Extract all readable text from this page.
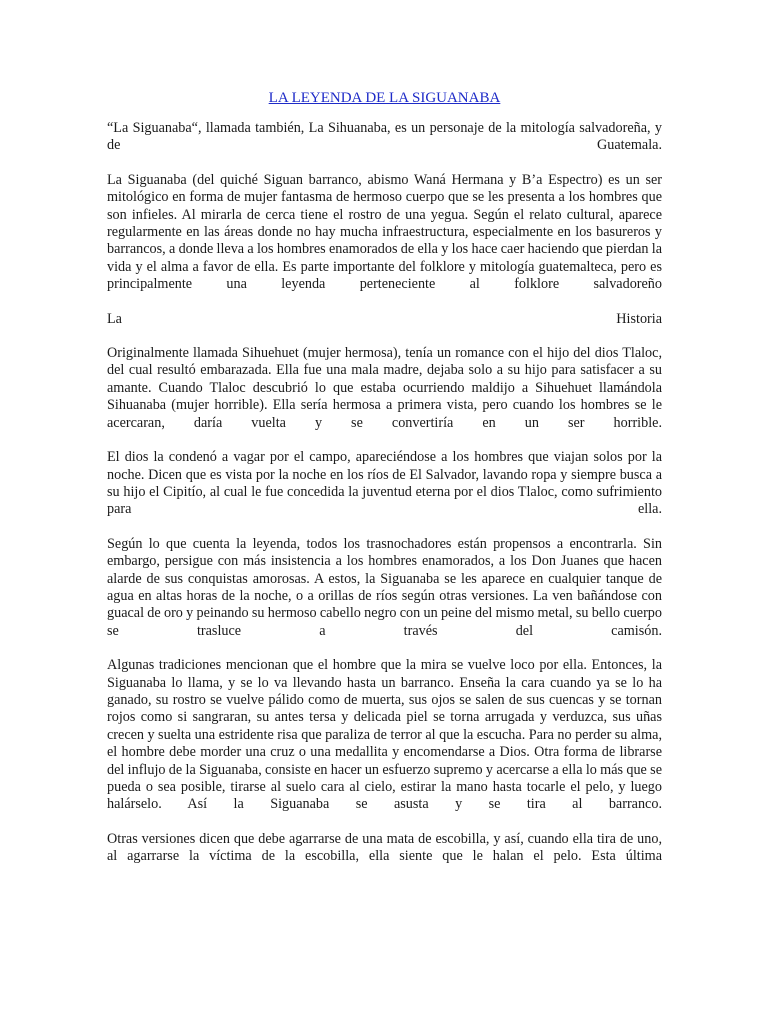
LA LEYENDA DE LA SIGUANABA

“La Siguanaba“, llamada también, La Sihuanaba, es un personaje de la mitología salvadoreña, y de Guatemala.

La Siguanaba (del quiché Siguan barranco, abismo Waná Hermana y B’a Espectro) es un ser mitológico en forma de mujer fantasma de hermoso cuerpo que se les presenta a los hombres que son infieles. Al mirarla de cerca tiene el rostro de una yegua. Según el relato cultural, aparece regularmente en las áreas donde no hay mucha infraestructura, especialmente en los basureros y barrancos, a donde lleva a los hombres enamorados de ella y los hace caer haciendo que pierdan la vida y el alma a favor de ella. Es parte importante del folklore y mitología guatemalteca, pero es principalmente una leyenda perteneciente al folklore salvadoreño

La Historia

Originalmente llamada Sihuehuet (mujer hermosa), tenía un romance con el hijo del dios Tlaloc, del cual resultó embarazada. Ella fue una mala madre, dejaba solo a su hijo para satisfacer a su amante. Cuando Tlaloc descubrió lo que estaba ocurriendo maldijo a Sihuehuet llamándola Sihuanaba (mujer horrible). Ella sería hermosa a primera vista, pero cuando los hombres se le acercaran, daría vuelta y se convertiría en un ser horrible.

El dios la condenó a vagar por el campo, apareciéndose a los hombres que viajan solos por la noche. Dicen que es vista por la noche en los ríos de El Salvador, lavando ropa y siempre busca a su hijo el Cipitío, al cual le fue concedida la juventud eterna por el dios Tlaloc, como sufrimiento para ella.

Según lo que cuenta la leyenda, todos los trasnochadores están propensos a encontrarla. Sin embargo, persigue con más insistencia a los hombres enamorados, a los Don Juanes que hacen alarde de sus conquistas amorosas. A estos, la Siguanaba se les aparece en cualquier tanque de agua en altas horas de la noche, o a orillas de ríos según otras versiones. La ven bañándose con guacal de oro y peinando su hermoso cabello negro con un peine del mismo metal, su bello cuerpo se trasluce a través del camisón.

Algunas tradiciones mencionan que el hombre que la mira se vuelve loco por ella. Entonces, la Siguanaba lo llama, y se lo va llevando hasta un barranco. Enseña la cara cuando ya se lo ha ganado, su rostro se vuelve pálido como de muerta, sus ojos se salen de sus cuencas y se tornan rojos como si sangraran, su antes tersa y delicada piel se torna arrugada y verduzca, sus uñas crecen y suelta una estridente risa que paraliza de terror al que la escucha. Para no perder su alma, el hombre debe morder una cruz o una medallita y encomendarse a Dios. Otra forma de librarse del influjo de la Siguanaba, consiste en hacer un esfuerzo supremo y acercarse a ella lo más que se pueda o sea posible, tirarse al suelo cara al cielo, estirar la mano hasta tocarle el pelo, y luego halárselo. Así la Siguanaba se asusta y se tira al barranco.

Otras versiones dicen que debe agarrarse de una mata de escobilla, y así, cuando ella tira de uno, al agarrarse la víctima de la escobilla, ella siente que le halan el pelo. Esta última
